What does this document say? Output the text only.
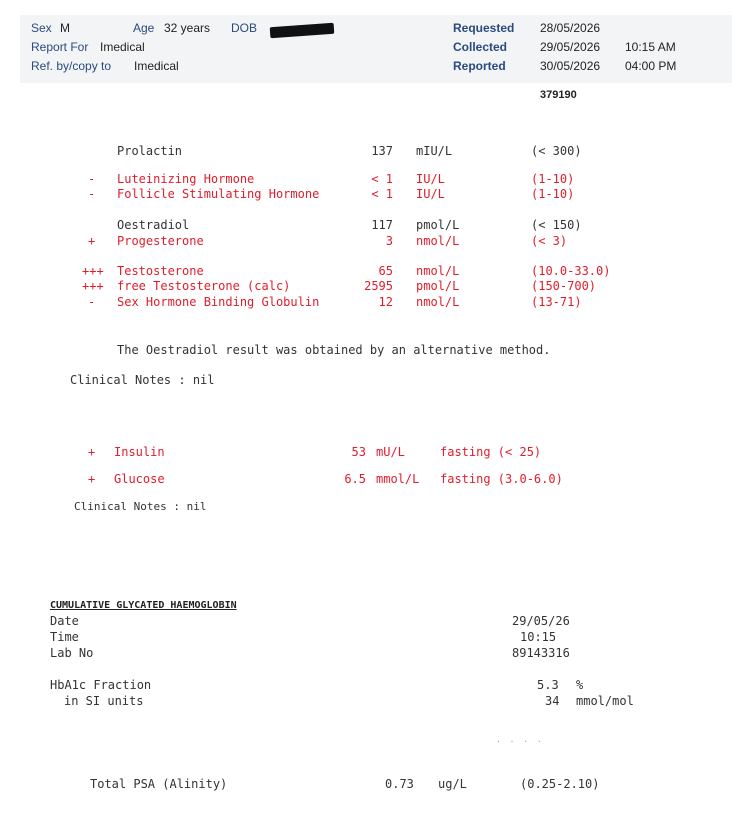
Sex M	Age 32 years DOB
Report For Imedical
Ref. by/copy to Imedical
Requested 28/05/2026
Collected	29/05/2026 10:15 AM
Reported	30/05/2026 04:00 PM
379190
Prolactin	137 mIU/L	(< 300)
- Luteinizing Hormone	< 1 IU/L	(1-10)
- Follicle Stimulating Hormone	< 1 IU/L	(1-10)
Oestradiol	117 pmol/L	(< 150)
+ Progesterone	3 nmol/L	(< 3)
+++ Testosterone	65 nmol/L	(10.0-33.0)
+++ free Testosterone (calc)	2595 pmol/L	(150-700)
- Sex Hormone Binding Globulin	12 nmol/L	(13-71)
The Oestradiol result was obtained by an alternative method.
Clinical Notes : nil
+ Insulin	53 mU/L	fasting (< 25)
+ Glucose	6.5 mmol/L fasting (3.0-6.0)
Clinical Notes : nil
CUMULATIVE GLYCATED HAEMOGLOBIN
Date	29/05/26
Time	10:15
Lab No	89143316
HbA1c Fraction	5.3 %
in SI units	34 mmol/mol
. . . .
Total PSA (Alinity)	0.73 ug/L	(0.25-2.10)
